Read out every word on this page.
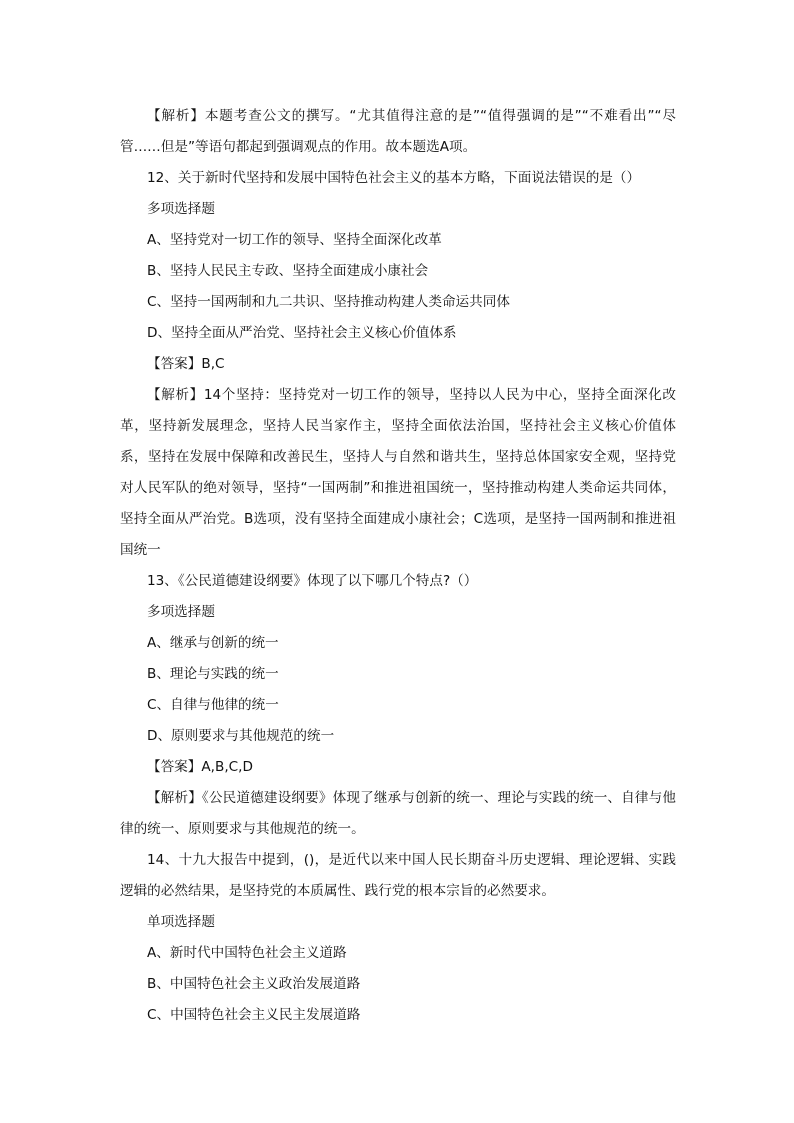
【解析】本题考查公文的撰写。“尤其值得注意的是”“值得强调的是”“不难看出”“尽管……但是”等语句都起到强调观点的作用。故本题选A项。

12、关于新时代坚持和发展中国特色社会主义的基本方略，下面说法错误的是（）

多项选择题

A、坚持党对一切工作的领导、坚持全面深化改革

B、坚持人民民主专政、坚持全面建成小康社会

C、坚持一国两制和九二共识、坚持推动构建人类命运共同体

D、坚持全面从严治党、坚持社会主义核心价值体系

【答案】B,C

【解析】14个坚持：坚持党对一切工作的领导，坚持以人民为中心，坚持全面深化改革，坚持新发展理念，坚持人民当家作主，坚持全面依法治国，坚持社会主义核心价值体系，坚持在发展中保障和改善民生，坚持人与自然和谐共生，坚持总体国家安全观，坚持党对人民军队的绝对领导，坚持“一国两制”和推进祖国统一，坚持推动构建人类命运共同体，坚持全面从严治党。B选项，没有坚持全面建成小康社会；C选项，是坚持一国两制和推进祖国统一

13、《公民道德建设纲要》体现了以下哪几个特点?（）

多项选择题

A、继承与创新的统一

B、理论与实践的统一

C、自律与他律的统一

D、原则要求与其他规范的统一

【答案】A,B,C,D

【解析】《公民道德建设纲要》体现了继承与创新的统一、理论与实践的统一、自律与他律的统一、原则要求与其他规范的统一。

14、十九大报告中提到，()，是近代以来中国人民长期奋斗历史逻辑、理论逻辑、实践逻辑的必然结果，是坚持党的本质属性、践行党的根本宗旨的必然要求。

单项选择题

A、新时代中国特色社会主义道路

B、中国特色社会主义政治发展道路

C、中国特色社会主义民主发展道路
